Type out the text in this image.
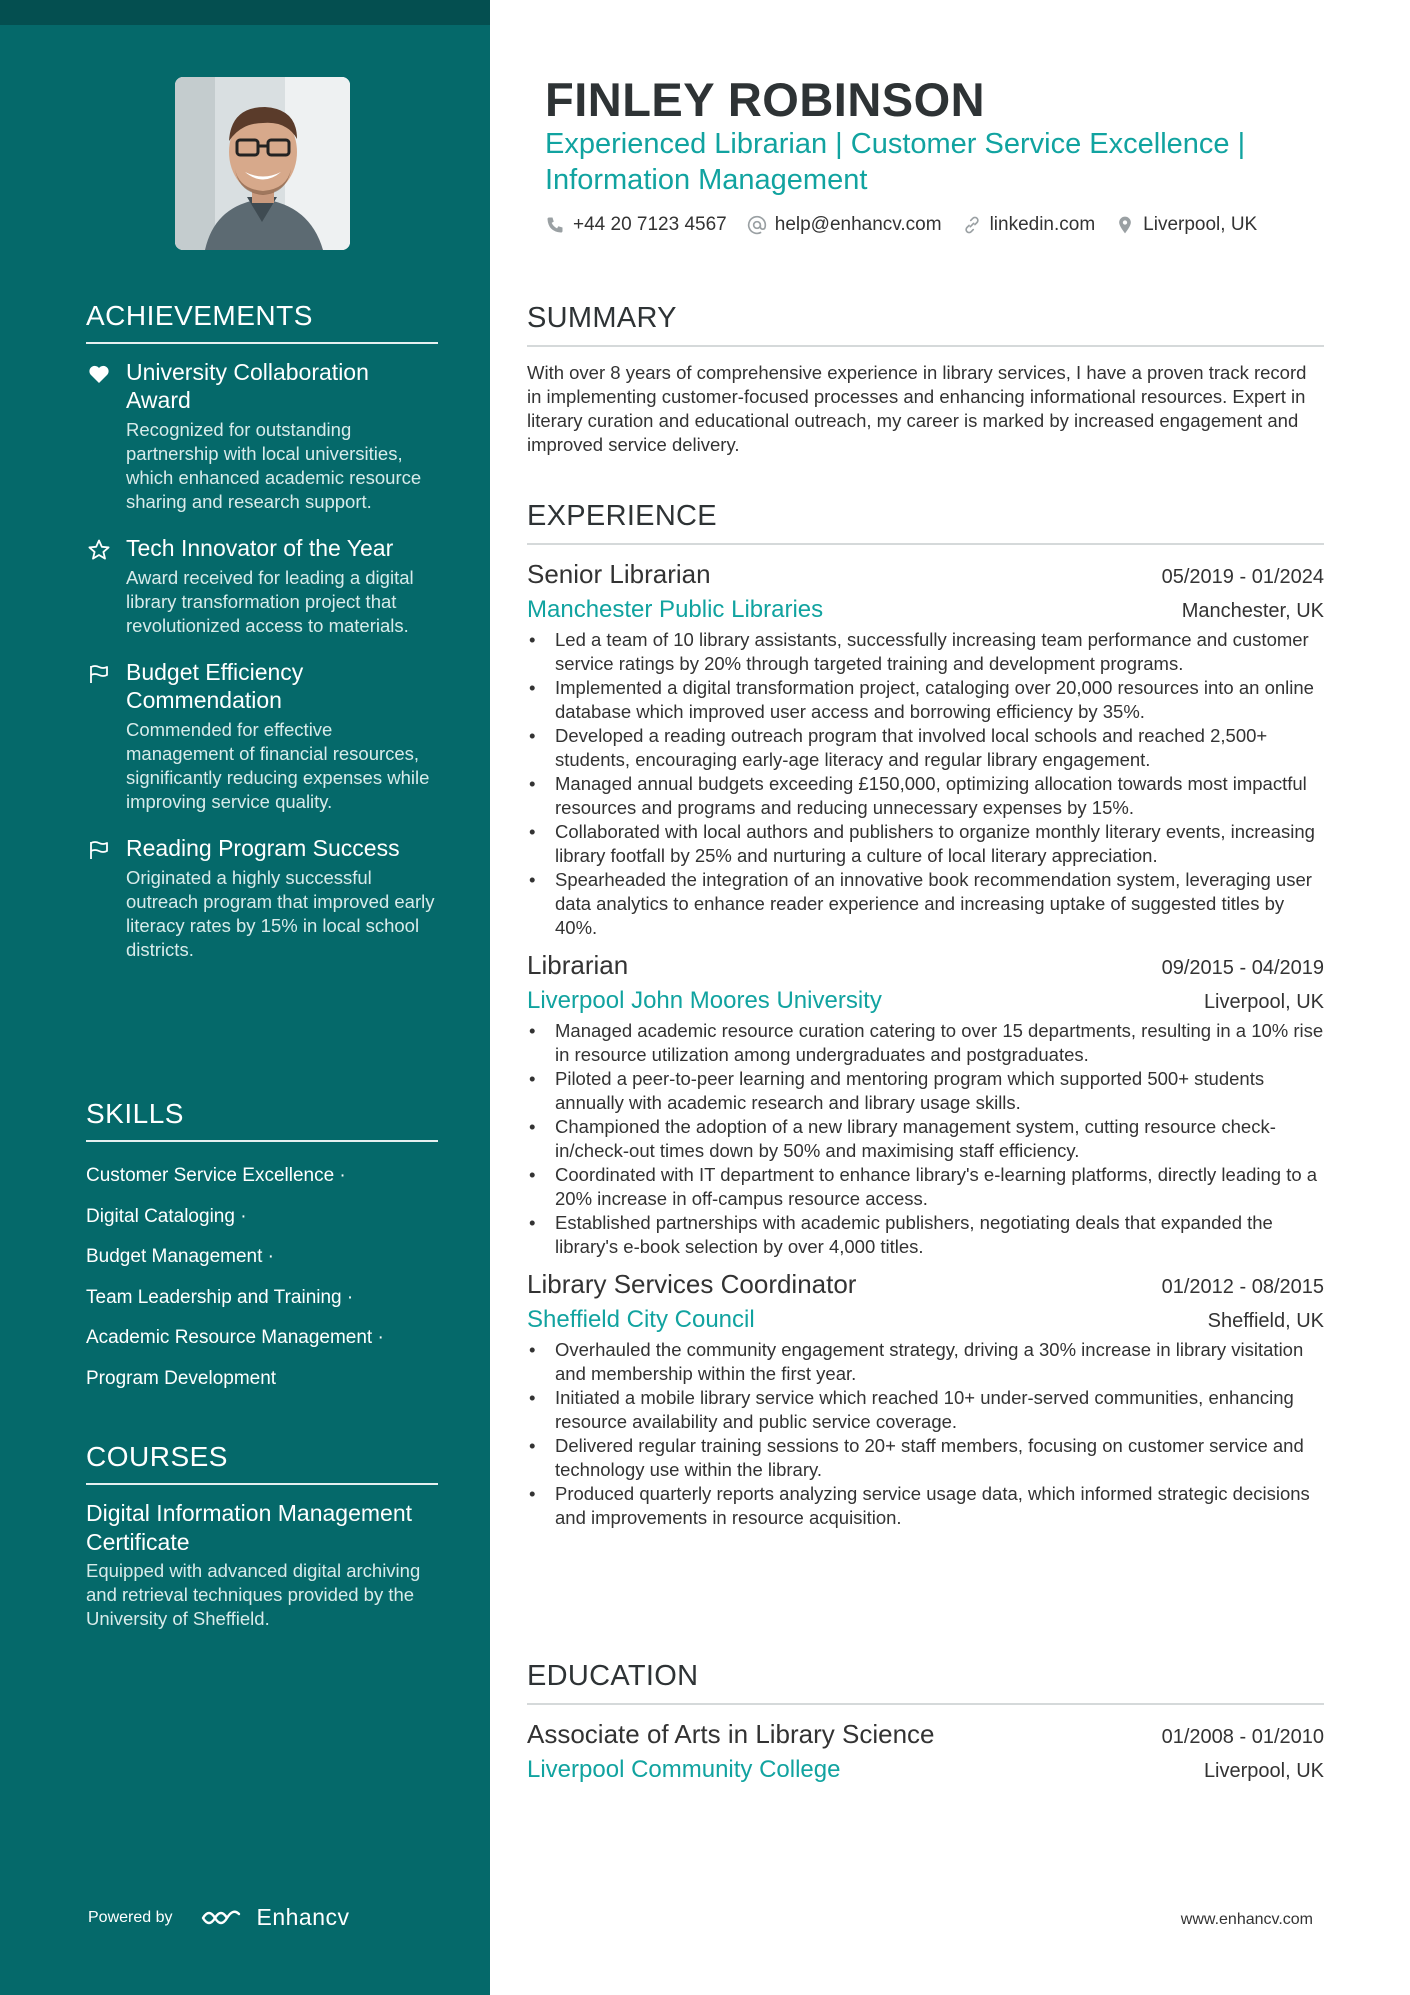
ACHIEVEMENTS
University Collaboration Award
Recognized for outstanding partnership with local universities, which enhanced academic resource sharing and research support.
Tech Innovator of the Year
Award received for leading a digital library transformation project that revolutionized access to materials.
Budget Efficiency Commendation
Commended for effective management of financial resources, significantly reducing expenses while improving service quality.
Reading Program Success
Originated a highly successful outreach program that improved early literacy rates by 15% in local school districts.
SKILLS
Customer Service Excellence ·
Digital Cataloging ·
Budget Management ·
Team Leadership and Training ·
Academic Resource Management ·
Program Development
COURSES
Digital Information Management Certificate
Equipped with advanced digital archiving and retrieval techniques provided by the University of Sheffield.
Powered by	Enhancv
FINLEY ROBINSON
Experienced Librarian | Customer Service Excellence | Information Management
+44 20 7123 4567	help@enhancv.com	linkedin.com	Liverpool, UK
SUMMARY
With over 8 years of comprehensive experience in library services, I have a proven track record in implementing customer-focused processes and enhancing informational resources. Expert in literary curation and educational outreach, my career is marked by increased engagement and improved service delivery.
EXPERIENCE
Senior Librarian	05/2019 - 01/2024
Manchester Public Libraries	Manchester, UK
• Led a team of 10 library assistants, successfully increasing team performance and customer service ratings by 20% through targeted training and development programs.
• Implemented a digital transformation project, cataloging over 20,000 resources into an online database which improved user access and borrowing efficiency by 35%.
• Developed a reading outreach program that involved local schools and reached 2,500+ students, encouraging early-age literacy and regular library engagement.
• Managed annual budgets exceeding £150,000, optimizing allocation towards most impactful resources and programs and reducing unnecessary expenses by 15%.
• Collaborated with local authors and publishers to organize monthly literary events, increasing library footfall by 25% and nurturing a culture of local literary appreciation.
• Spearheaded the integration of an innovative book recommendation system, leveraging user data analytics to enhance reader experience and increasing uptake of suggested titles by 40%.
Librarian	09/2015 - 04/2019
Liverpool John Moores University	Liverpool, UK
• Managed academic resource curation catering to over 15 departments, resulting in a 10% rise in resource utilization among undergraduates and postgraduates.
• Piloted a peer-to-peer learning and mentoring program which supported 500+ students annually with academic research and library usage skills.
• Championed the adoption of a new library management system, cutting resource check-in/check-out times down by 50% and maximising staff efficiency.
• Coordinated with IT department to enhance library's e-learning platforms, directly leading to a 20% increase in off-campus resource access.
• Established partnerships with academic publishers, negotiating deals that expanded the library's e-book selection by over 4,000 titles.
Library Services Coordinator	01/2012 - 08/2015
Sheffield City Council	Sheffield, UK
• Overhauled the community engagement strategy, driving a 30% increase in library visitation and membership within the first year.
• Initiated a mobile library service which reached 10+ under-served communities, enhancing resource availability and public service coverage.
• Delivered regular training sessions to 20+ staff members, focusing on customer service and technology use within the library.
• Produced quarterly reports analyzing service usage data, which informed strategic decisions and improvements in resource acquisition.
EDUCATION
Associate of Arts in Library Science	01/2008 - 01/2010
Liverpool Community College	Liverpool, UK
www.enhancv.com
